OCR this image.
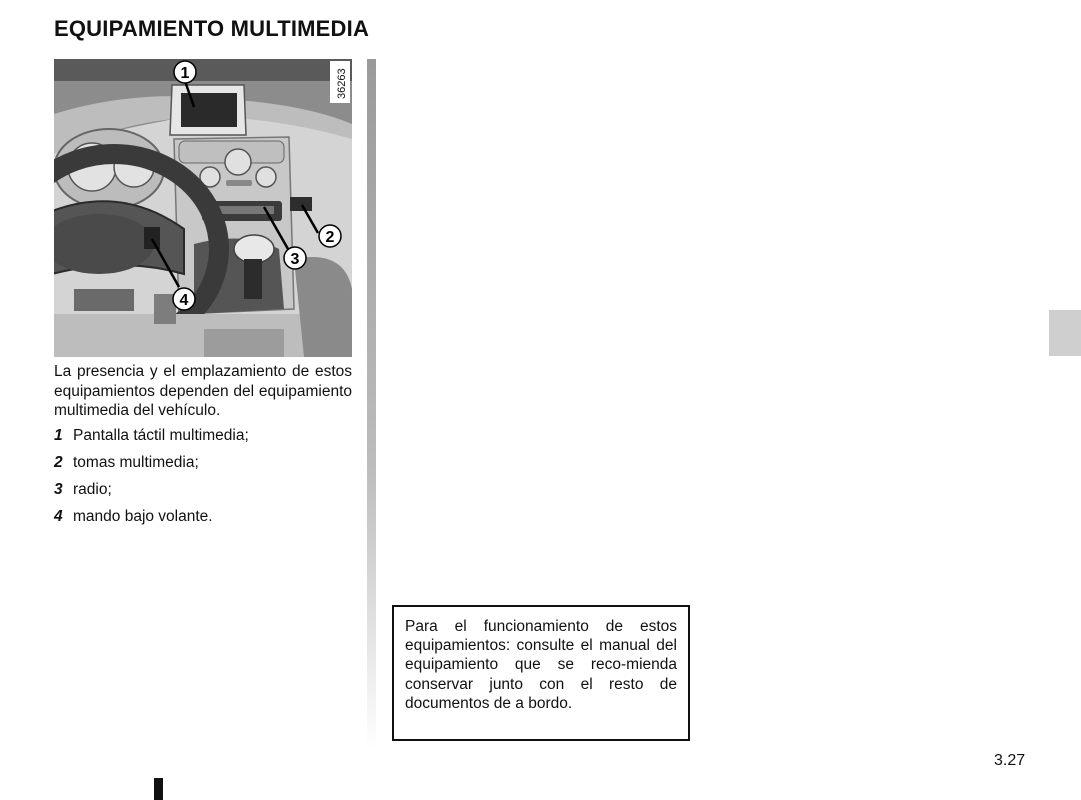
EQUIPAMIENTO MULTIMEDIA
1
2
3
4
36263

La presencia y el emplazamiento de estos equipamientos dependen del equipamiento multimedia del vehículo.

1 Pantalla táctil multimedia;
2 tomas multimedia;
3 radio;
4 mando bajo volante.
Para el funcionamiento de estos equipamientos: consulte el manual del equipamiento que se reco-mienda conservar junto con el resto de documentos de a bordo.
3.27
